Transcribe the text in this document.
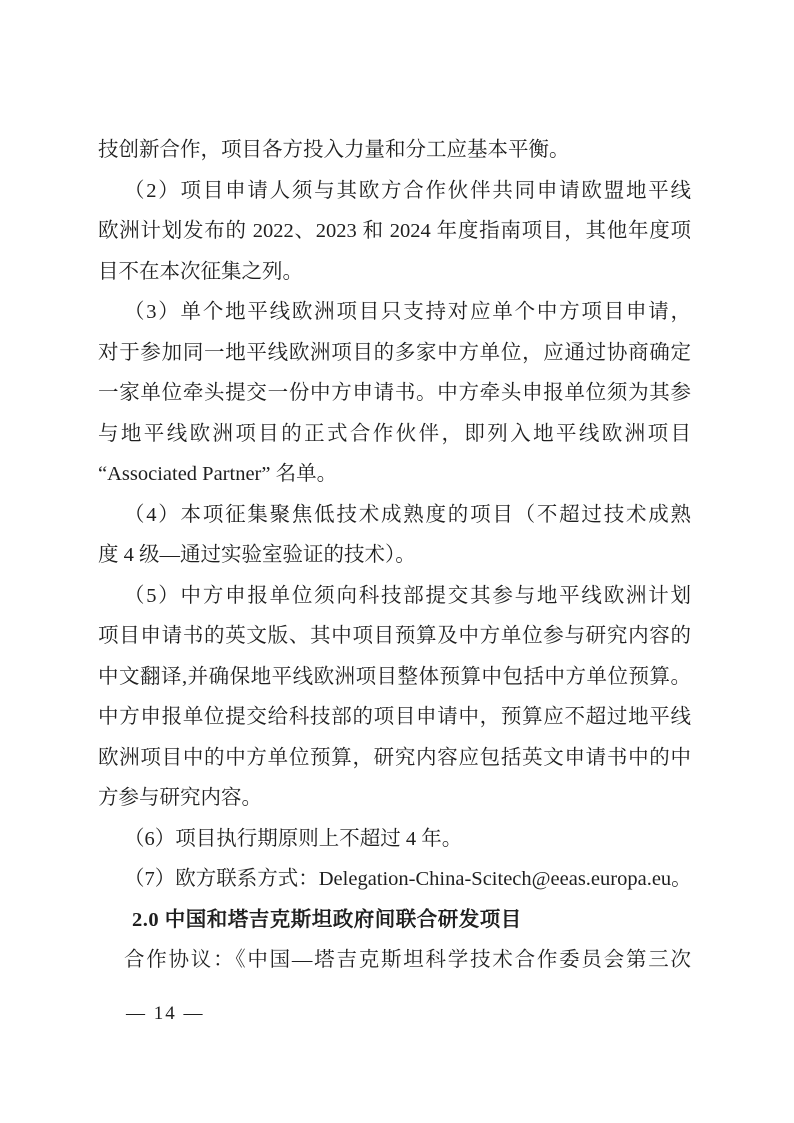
技创新合作，项目各方投入力量和分工应基本平衡。
（2）项目申请人须与其欧方合作伙伴共同申请欧盟地平线
欧洲计划发布的 2022、2023 和 2024 年度指南项目，其他年度项
目不在本次征集之列。
（3）单个地平线欧洲项目只支持对应单个中方项目申请，
对于参加同一地平线欧洲项目的多家中方单位，应通过协商确定
一家单位牵头提交一份中方申请书。中方牵头申报单位须为其参
与地平线欧洲项目的正式合作伙伴，即列入地平线欧洲项目
“Associated Partner” 名单。
（4）本项征集聚焦低技术成熟度的项目（不超过技术成熟
度 4 级—通过实验室验证的技术）。
（5）中方申报单位须向科技部提交其参与地平线欧洲计划
项目申请书的英文版、其中项目预算及中方单位参与研究内容的
中文翻译,并确保地平线欧洲项目整体预算中包括中方单位预算。
中方申报单位提交给科技部的项目申请中，预算应不超过地平线
欧洲项目中的中方单位预算，研究内容应包括英文申请书中的中
方参与研究内容。
（6）项目执行期原则上不超过 4 年。
（7）欧方联系方式：Delegation-China-Scitech@eeas.europa.eu。
2.0 中国和塔吉克斯坦政府间联合研发项目
合作协议：《中国—塔吉克斯坦科学技术合作委员会第三次
— 14 —
